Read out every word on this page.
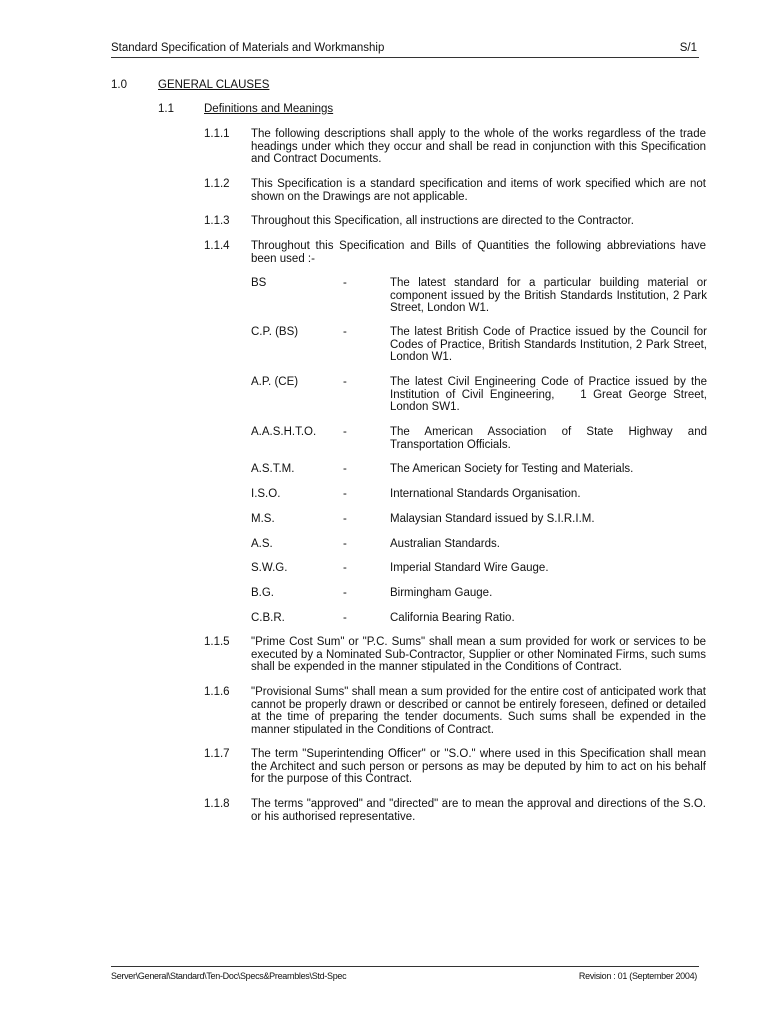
Standard Specification of Materials and Workmanship	S/1
1.0	GENERAL CLAUSES
1.1	Definitions and Meanings
1.1.1 The following descriptions shall apply to the whole of the works regardless of the trade headings under which they occur and shall be read in conjunction with this Specification and Contract Documents.
1.1.2 This Specification is a standard specification and items of work specified which are not shown on the Drawings are not applicable.
1.1.3 Throughout this Specification, all instructions are directed to the Contractor.
1.1.4 Throughout this Specification and Bills of Quantities the following abbreviations have been used :-
BS	-	The latest standard for a particular building material or component issued by the British Standards Institution, 2 Park Street, London W1.
C.P. (BS)	-	The latest British Code of Practice issued by the Council for Codes of Practice, British Standards Institution, 2 Park Street, London W1.
A.P. (CE)	-	The latest Civil Engineering Code of Practice issued by the Institution of Civil Engineering,    1 Great George Street, London SW1.
A.A.S.H.T.O. -	The American Association of State Highway and Transportation Officials.
A.S.T.M.	-	The American Society for Testing and Materials.
I.S.O.	-	International Standards Organisation.
M.S.	-	Malaysian Standard issued by S.I.R.I.M.
A.S.	-	Australian Standards.
S.W.G.	-	Imperial Standard Wire Gauge.
B.G.	-	Birmingham Gauge.
C.B.R.	-	California Bearing Ratio.
1.1.5 "Prime Cost Sum" or "P.C. Sums" shall mean a sum provided for work or services to be executed by a Nominated Sub-Contractor, Supplier or other Nominated Firms, such sums shall be expended in the manner stipulated in the Conditions of Contract.
1.1.6 "Provisional Sums" shall mean a sum provided for the entire cost of anticipated work that cannot be properly drawn or described or cannot be entirely foreseen, defined or detailed at the time of preparing the tender documents. Such sums shall be expended in the manner stipulated in the Conditions of Contract.
1.1.7 The term "Superintending Officer" or "S.O." where used in this Specification shall mean the Architect and such person or persons as may be deputed by him to act on his behalf for the purpose of this Contract.
1.1.8 The terms "approved" and "directed" are to mean the approval and directions of the S.O. or his authorised representative.
Server\General\Standard\Ten-Doc\Specs&Preambles\Std-Spec	Revision : 01 (September 2004)
